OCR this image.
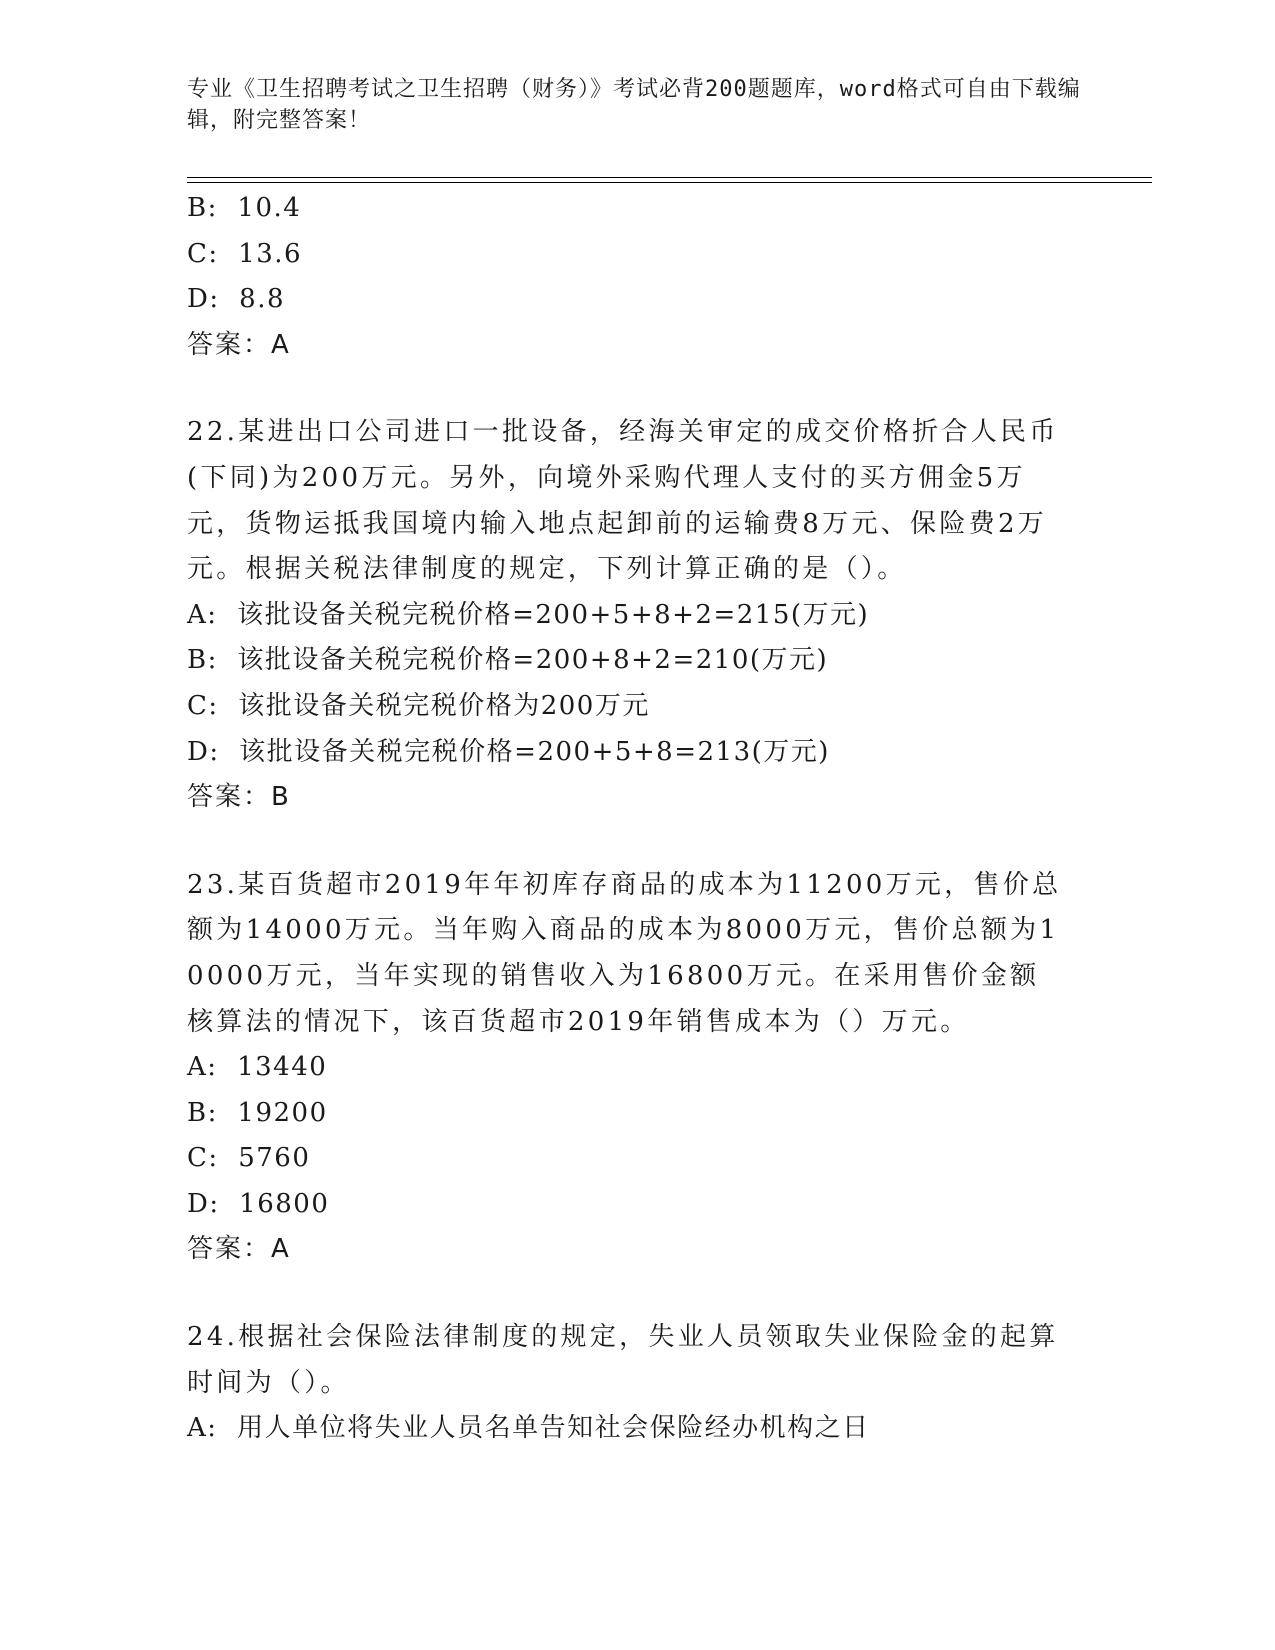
专业《卫生招聘考试之卫生招聘（财务）》考试必背200题题库，word格式可自由下载编辑，附完整答案！
B:  10.4
C:  13.6
D:  8.8
答案：A
22.某进出口公司进口一批设备，经海关审定的成交价格折合人民币(下同)为200万元。另外，向境外采购代理人支付的买方佣金5万元，货物运抵我国境内输入地点起卸前的运输费8万元、保险费2万元。根据关税法律制度的规定，下列计算正确的是（）。
A:  该批设备关税完税价格=200+5+8+2=215(万元)
B:  该批设备关税完税价格=200+8+2=210(万元)
C:  该批设备关税完税价格为200万元
D:  该批设备关税完税价格=200+5+8=213(万元)
答案：B
23.某百货超市2019年年初库存商品的成本为11200万元，售价总额为14000万元。当年购入商品的成本为8000万元，售价总额为10000万元，当年实现的销售收入为16800万元。在采用售价金额核算法的情况下，该百货超市2019年销售成本为（）万元。
A:  13440
B:  19200
C:  5760
D:  16800
答案：A
24.根据社会保险法律制度的规定，失业人员领取失业保险金的起算时间为（）。
A:  用人单位将失业人员名单告知社会保险经办机构之日
